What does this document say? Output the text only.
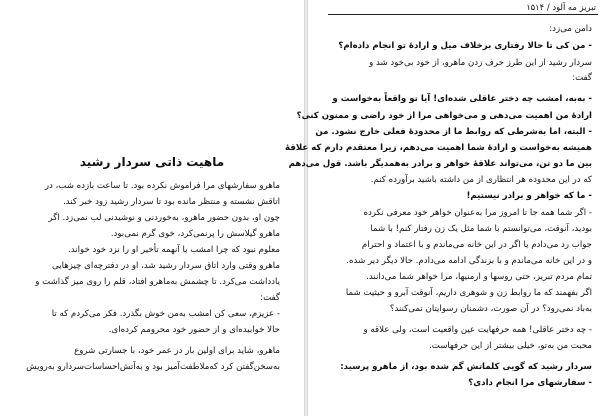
ماهیت ذاتی سردار رشید
ماهرو سفارشهای مرا فراموش نکرده بود. تا ساعت بازده شب، در
اتاقش نشسته و منتظر مانده بود تا سردار رشید زود خبر کند.
چون او، بدون حضور ماهرو، به‌خوردنی و نوشیدنی لب نمی‌زد. اگر
ماهرو گیلاسش را پرنمی‌کرد، خوی گرم نمی‌بود.
معلوم نبود که چرا امشب با آنهمه تأخیر او را نزد خود خواند.
ماهرو وقتی وارد اتاق سردار رشید شد، او در دفترچه‌ای چیزهایی
یادداشت می‌کرد. تا چشمش به‌ماهرو افتاد، قلم را روی میز گذاشت و
گفت:
- عزیزم، سعی کن امشب به‌من خوش بگذرد. فکر می‌کردم که تا
حالا خوابیده‌ای و از حضور خود محرومم کرده‌ای.
ماهرو، شاید برای اولین بار در عمر خود، با جسارتی شروع
به‌سخن‌گفتن کرد که‌ملاطفت‌آمیز بود و به‌آتش‌احساسات‌سردارو به‌رویش
تبریز مه آلود / ۱۵۱۴
دامن می‌زد:
- من کی تا حالا رفتاری برخلاف میل و ارادهٔ تو انجام داده‌ام؟
سردار رشید از این طرز حرف زدن ماهرو، از خود بی‌خود شد و
گفت:
- به‌به، امشب چه دختر عاقلی شده‌ای! آیا تو واقعاً به‌خواست و
ارادهٔ من اهمیت می‌دهی و می‌خواهی مرا از خود راضی و ممنون کنی؟
- البته، اما به‌شرطی که روابط ما از محدودهٔ فعلی خارج نشود. من
همیشه به‌خواست و ارادهٔ شما اهمیت می‌دهم، زیرا معتقدم دارم که علاقهٔ
بین ما دو تن، می‌تواند علاقهٔ خواهر و برادر به‌همدیگر باشد. قول می‌دهم
که در این محدوده هر انتظاری از من داشته باشید برآورده کنم.
- ما که خواهر و برادر نیستیم!
- اگر شما همه جا تا امروز مرا به‌عنوان خواهر خود معرفی نکرده
بودید، آنوقت، می‌توانستم با شما مثل یک زن رفتار کنم! با شما
جواب رد می‌دادم یا اگر در این خانه می‌ماندم و با اعتماد و احترام
و در این خانه می‌ماندم و با بزندگی ادامه می‌دادم. حالا دیگر دیر شده.
تمام مردم تبریز، حتی روسها و ارمنیها، مرا خواهر شما می‌دانند.
اگر بفهمند که ما روابط زن و شوهری داریم، آنوقت آبرو و حیثیت شما
به‌باد نمی‌رود؟ در آن صورت، دشمنان رسوایتان نمی‌کنند؟
- چه دختر عاقلی! همه حرفهایت عین واقعیت است، ولی علاقه و
محبت من به‌تو، خیلی بیشتر از این حرفهاست.
سردار رشید که گویی کلماتش گم شده بود، از ماهرو پرسید:
- سفارشهای مرا انجام دادی؟
